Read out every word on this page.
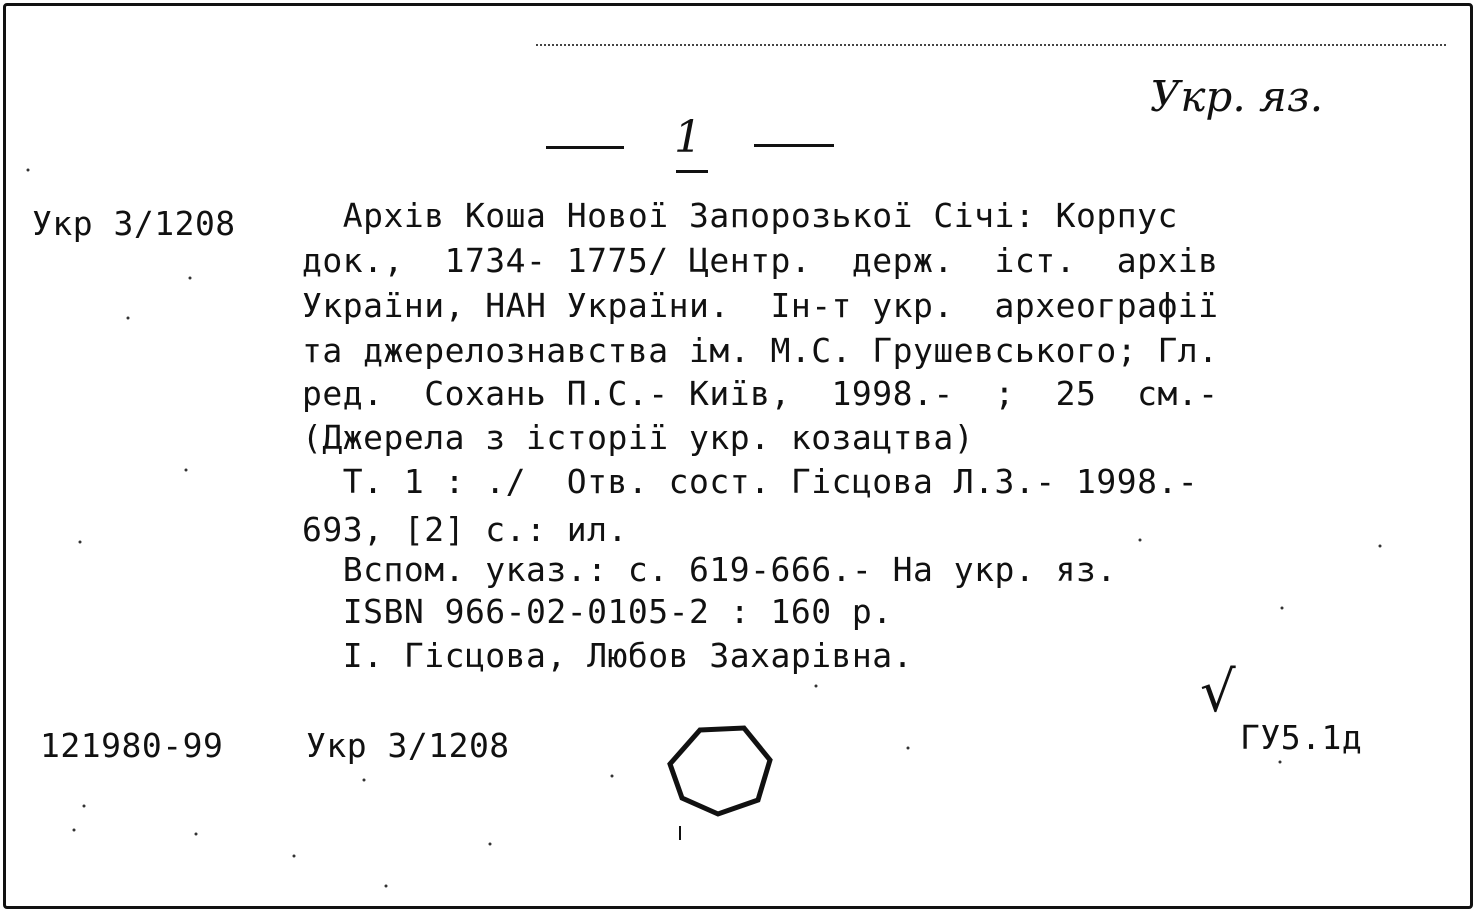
Укр. яз.
1
Укр 3/1208 Архів Коша Нової Запорозької Січі: Корпус
док.,  1734- 1775/ Центр.  держ.  іст.  архів
України, НАН України.  Ін-т укр.  археографії
та джерелознавства ім. М.С. Грушевського; Гл.
ред.  Сохань П.С.- Київ,  1998.-  ;  25  см.-
(Джерела з історії укр. козацтва)
Т. 1 : ./  Отв. сост. Гісцова Л.З.- 1998.-
693, [2] с.: ил.
Вспом. указ.: с. 619-666.- На укр. яз.
ISBN 966-02-0105-2 : 160 р.
I. Гісцова, Любов Захарівна.
√
121980-99	Укр 3/1208	ГУ5.1д
